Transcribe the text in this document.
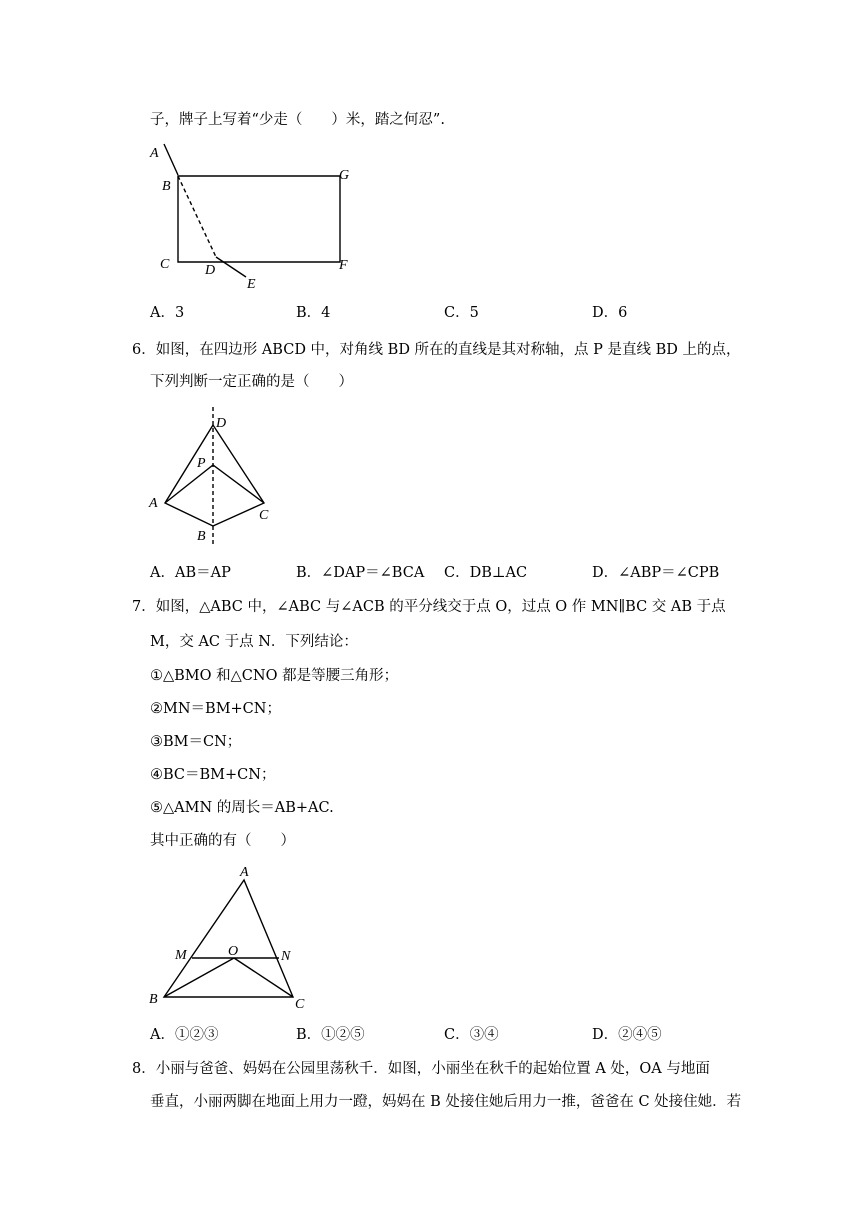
子，牌子上写着“少走（　　）米，踏之何忍”.
A
B
C	D
E
F
G
A．3	B．4	C．5	D．6
6．如图，在四边形 ABCD 中，对角线 BD 所在的直线是其对称轴，点 P 是直线 BD 上的点，
下列判断一定正确的是（　　）
D
P
A
C
B
A．AB＝AP	B．∠DAP＝∠BCA C．DB⊥AC	D．∠ABP＝∠CPB
7．如图，△ABC 中，∠ABC 与∠ACB 的平分线交于点 O，过点 O 作 MN∥BC 交 AB 于点
M，交 AC 于点 N．下列结论：
①△BMO 和△CNO 都是等腰三角形；
②MN＝BM+CN；
③BM＝CN；
④BC＝BM+CN；
⑤△AMN 的周长＝AB+AC.
其中正确的有（　　）
A
M	O	N
B	C
A．①②③	B．①②⑤	C．③④	D．②④⑤
8．小丽与爸爸、妈妈在公园里荡秋千．如图，小丽坐在秋千的起始位置 A 处，OA 与地面
垂直，小丽两脚在地面上用力一蹬，妈妈在 B 处接住她后用力一推，爸爸在 C 处接住她．若
